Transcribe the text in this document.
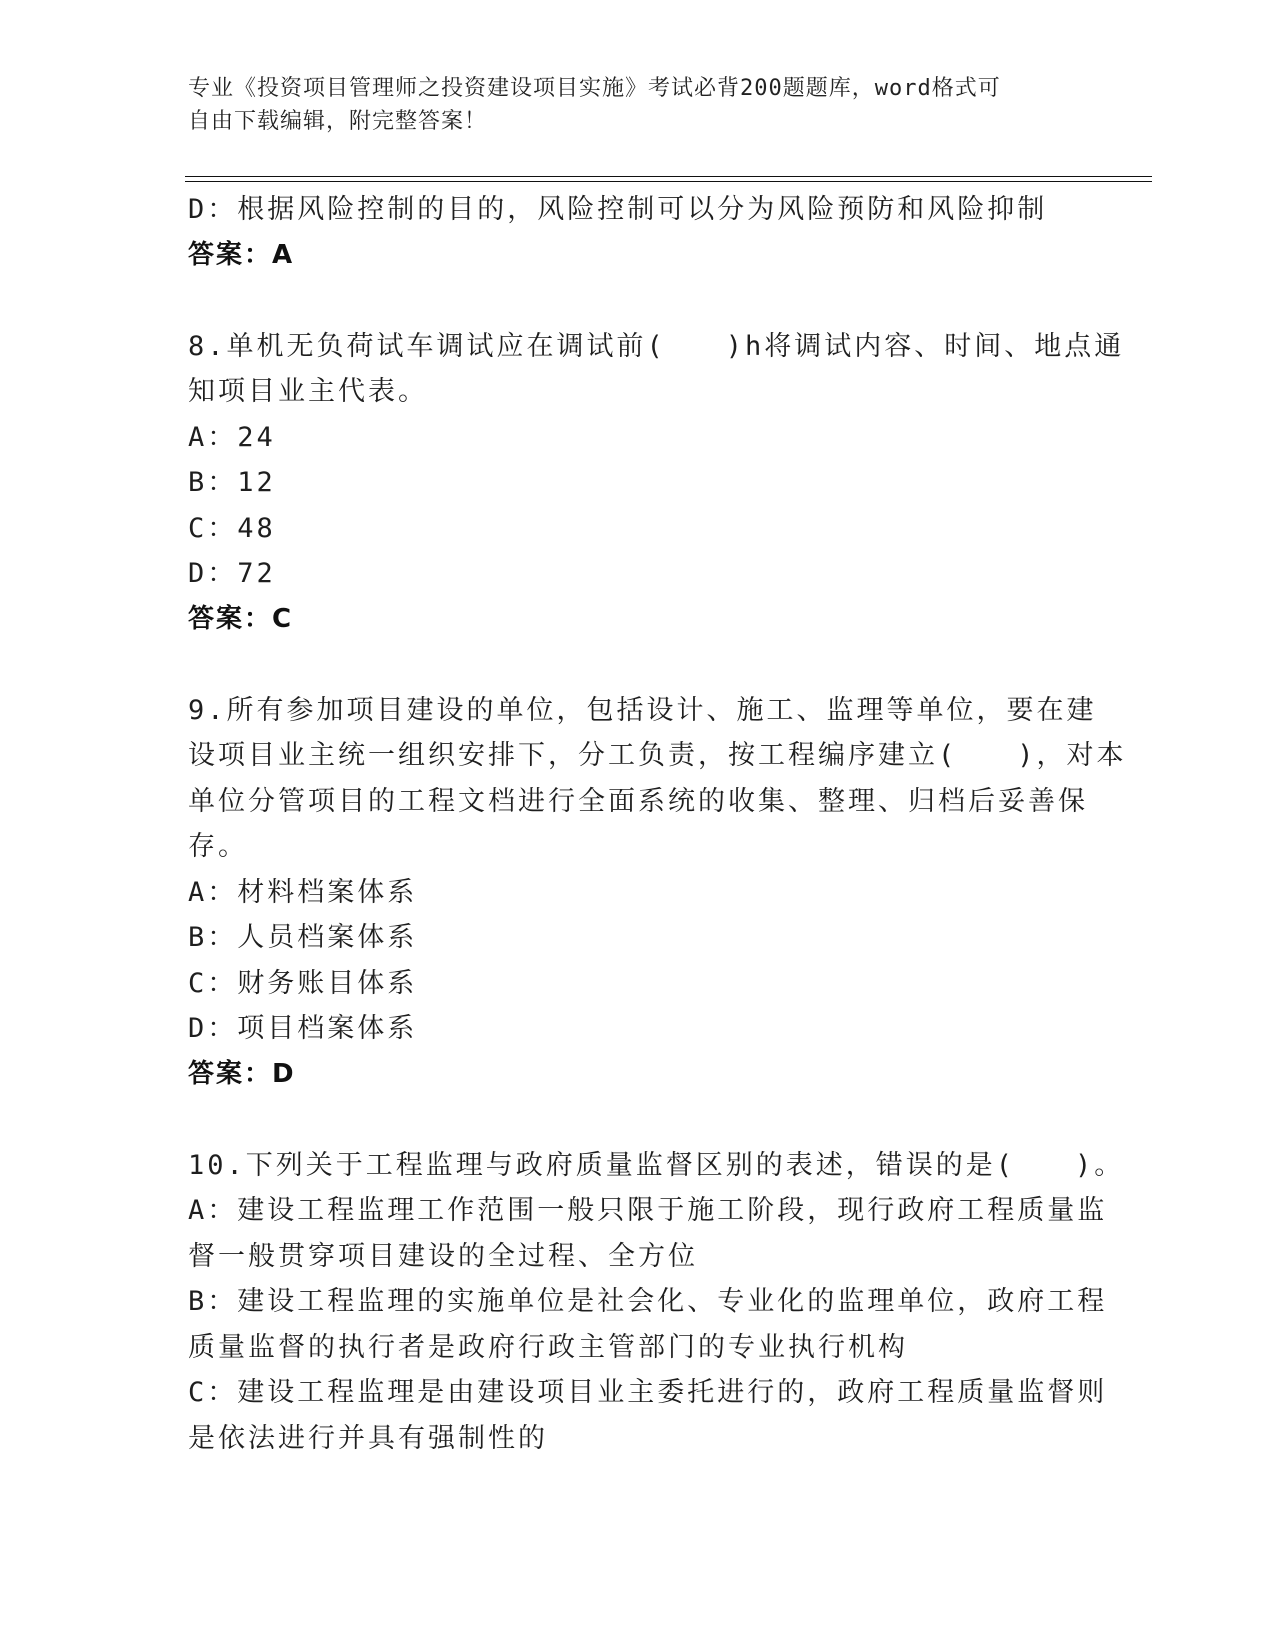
专业《投资项目管理师之投资建设项目实施》考试必背200题题库，word格式可
自由下载编辑，附完整答案！
D：根据风险控制的目的，风险控制可以分为风险预防和风险抑制
答案：A
8.单机无负荷试车调试应在调试前(　　)h将调试内容、时间、地点通
知项目业主代表。
A：24
B：12
C：48
D：72
答案：C
9.所有参加项目建设的单位，包括设计、施工、监理等单位，要在建
设项目业主统一组织安排下，分工负责，按工程编序建立(　　)，对本
单位分管项目的工程文档进行全面系统的收集、整理、归档后妥善保
存。
A：材料档案体系
B：人员档案体系
C：财务账目体系
D：项目档案体系
答案：D
10.下列关于工程监理与政府质量监督区别的表述，错误的是(　　)。
A：建设工程监理工作范围一般只限于施工阶段，现行政府工程质量监
督一般贯穿项目建设的全过程、全方位
B：建设工程监理的实施单位是社会化、专业化的监理单位，政府工程
质量监督的执行者是政府行政主管部门的专业执行机构
C：建设工程监理是由建设项目业主委托进行的，政府工程质量监督则
是依法进行并具有强制性的
